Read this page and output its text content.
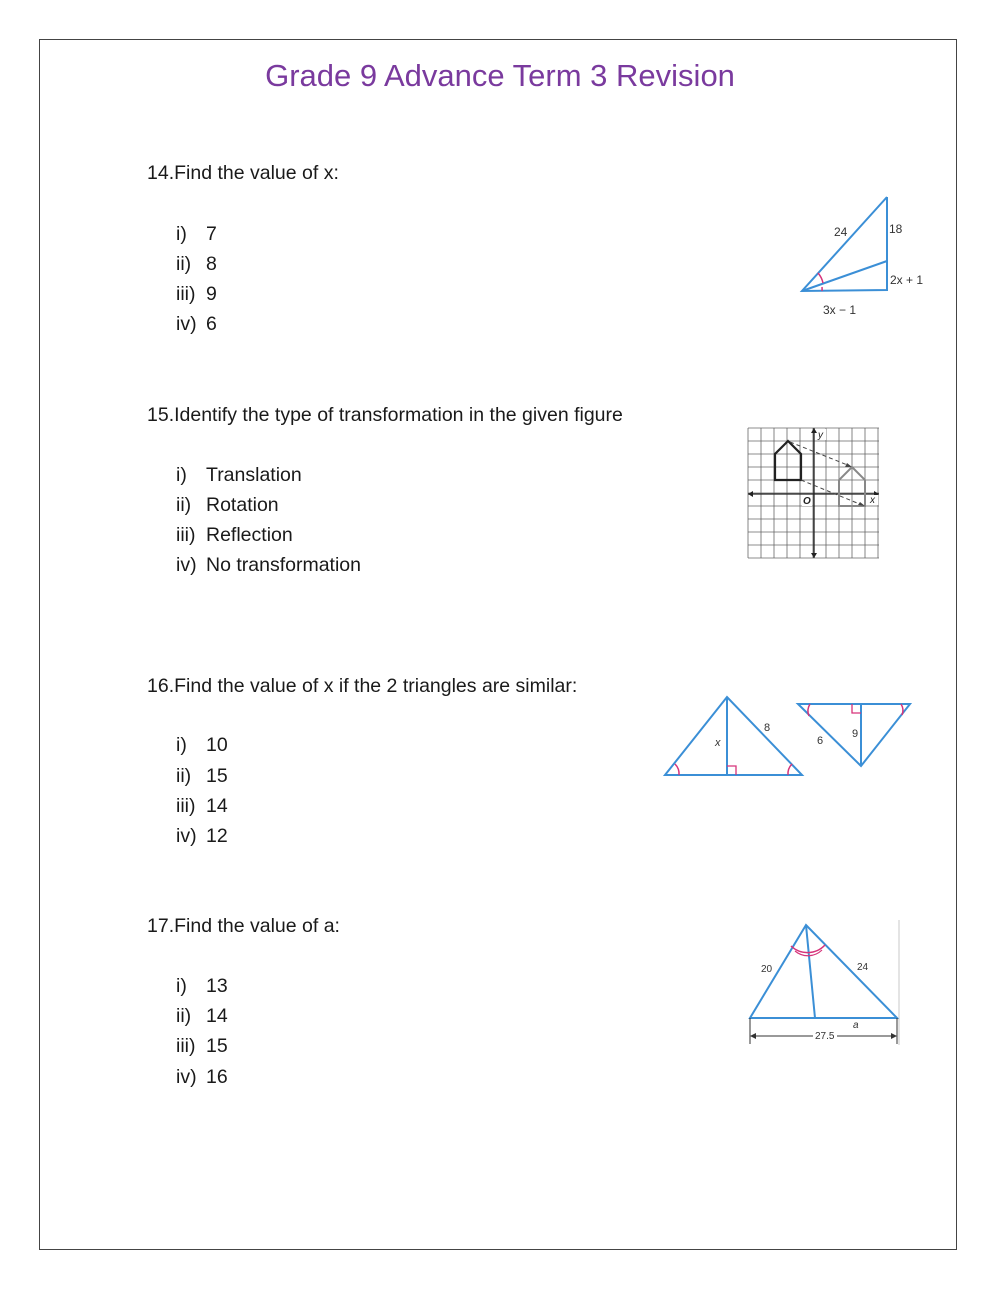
Grade 9 Advance Term 3 Revision
14.Find the value of x:
i) 7
ii) 8
iii) 9
iv) 6
24	18
2x + 1
3x − 1
15.Identify the type of transformation in the given figure
i) Translation
ii) Rotation
iii) Reflection
iv) No transformation
y
O	x
16.Find the value of x if the 2 triangles are similar:
i) 10
ii) 15
iii) 14
iv) 12
x
8
6
9
17.Find the value of a:
i) 13
ii) 14
iii) 15
iv) 16
20	24
a
27.5
